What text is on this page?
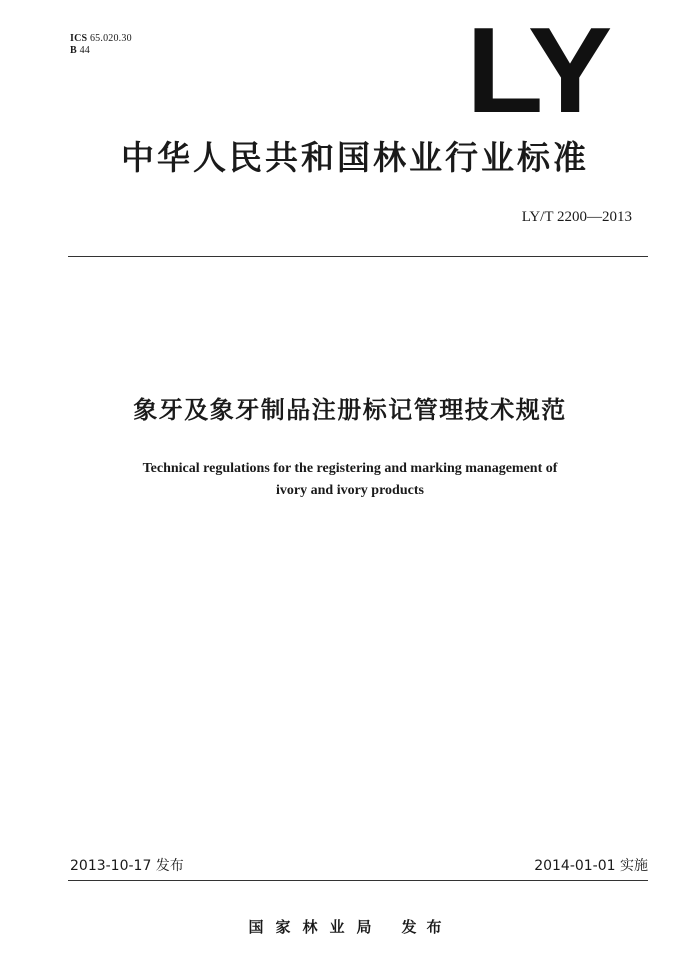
ICS 65.020.30
B 44	LY
中华人民共和国林业行业标准
LY/T 2200—2013
象牙及象牙制品注册标记管理技术规范
Technical regulations for the registering and marking management of
ivory and ivory products
2013-10-17 发布	2014-01-01 实施
国家林业局 发布
